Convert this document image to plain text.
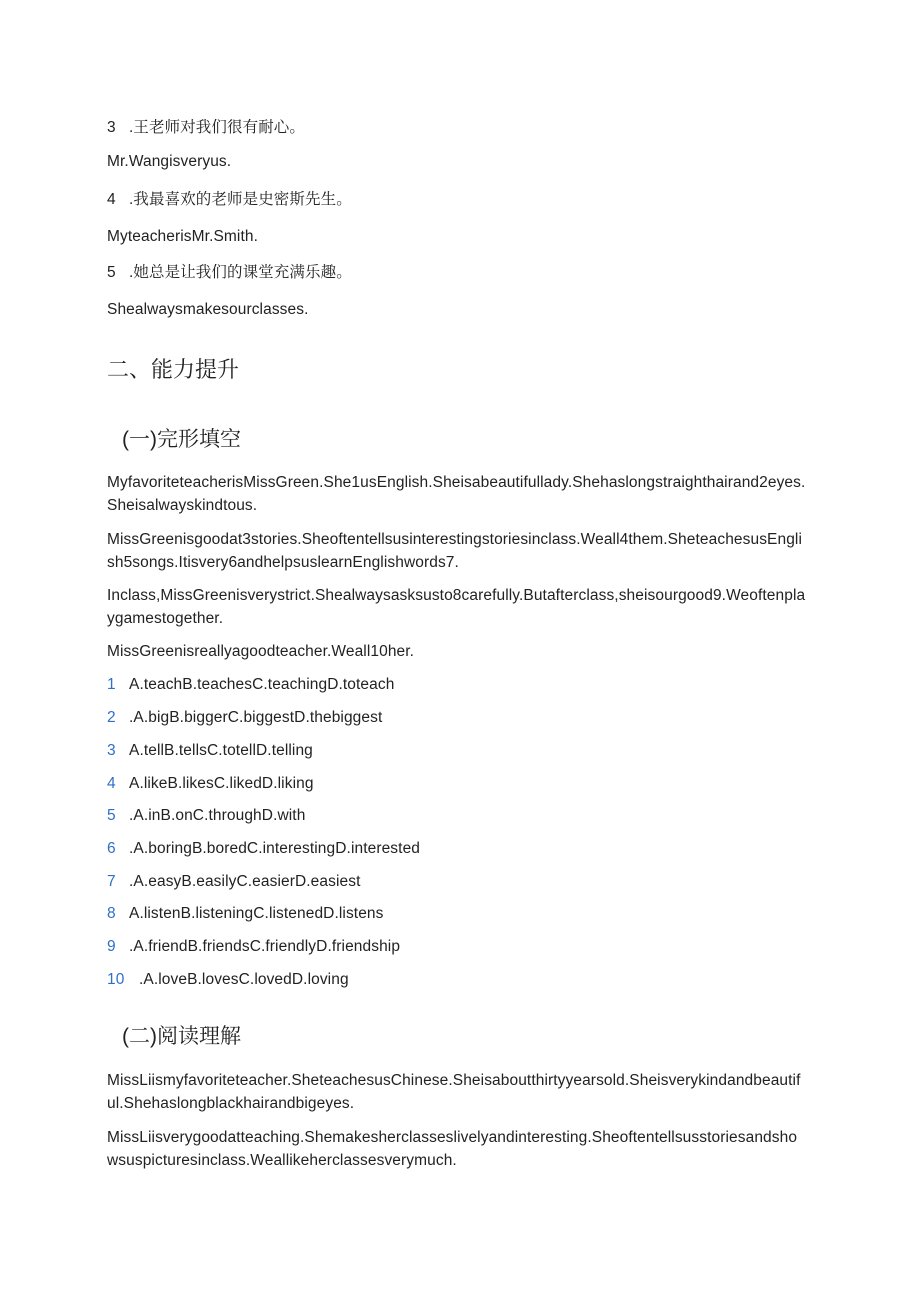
3 .王老师对我们很有耐心。
Mr.Wangisveryus.
4 .我最喜欢的老师是史密斯先生。
MyteacherisMr.Smith.
5 .她总是让我们的课堂充满乐趣。
Shealwaysmakesourclasses.
二、能力提升
(一)完形填空
MyfavoriteteacherisMissGreen.She1usEnglish.Sheisabeautifullady.Shehaslongstraighthairand2eyes.Sheisalwayskindtous.
MissGreenisgoodat3stories.Sheoftentellsusinterestingstoriesinclass.Weall4them.SheteachesusEnglish5songs.Itisvery6andhelpsuslearnEnglishwords7.
Inclass,MissGreenisverystrict.Shealwaysasksusto8carefully.Butafterclass,sheisourgood9.Weoftenplaygamestogether.
MissGreenisreallyagoodteacher.Weall10her.
1 A.teachB.teachesC.teachingD.toteach
2 .A.bigB.biggerC.biggestD.thebiggest
3 A.tellB.tellsC.totellD.telling
4 A.likeB.likesC.likedD.liking
5 .A.inB.onC.throughD.with
6 .A.boringB.boredC.interestingD.interested
7 .A.easyB.easilyC.easierD.easiest
8 A.listenB.listeningC.listenedD.listens
9 .A.friendB.friendsC.friendlyD.friendship
10 .A.loveB.lovesC.lovedD.loving
(二)阅读理解
MissLiismyfavoriteteacher.SheteachesusChinese.Sheisaboutthirtyyearsold.Sheisverykindandbeautiful.Shehaslongblackhairandbigeyes.
MissLiisverygoodatteaching.Shemakesherclasseslivelyandinteresting.Sheoftentellsusstoriesandshowsuspicturesinclass.Weallikeherclassesverymuch.
